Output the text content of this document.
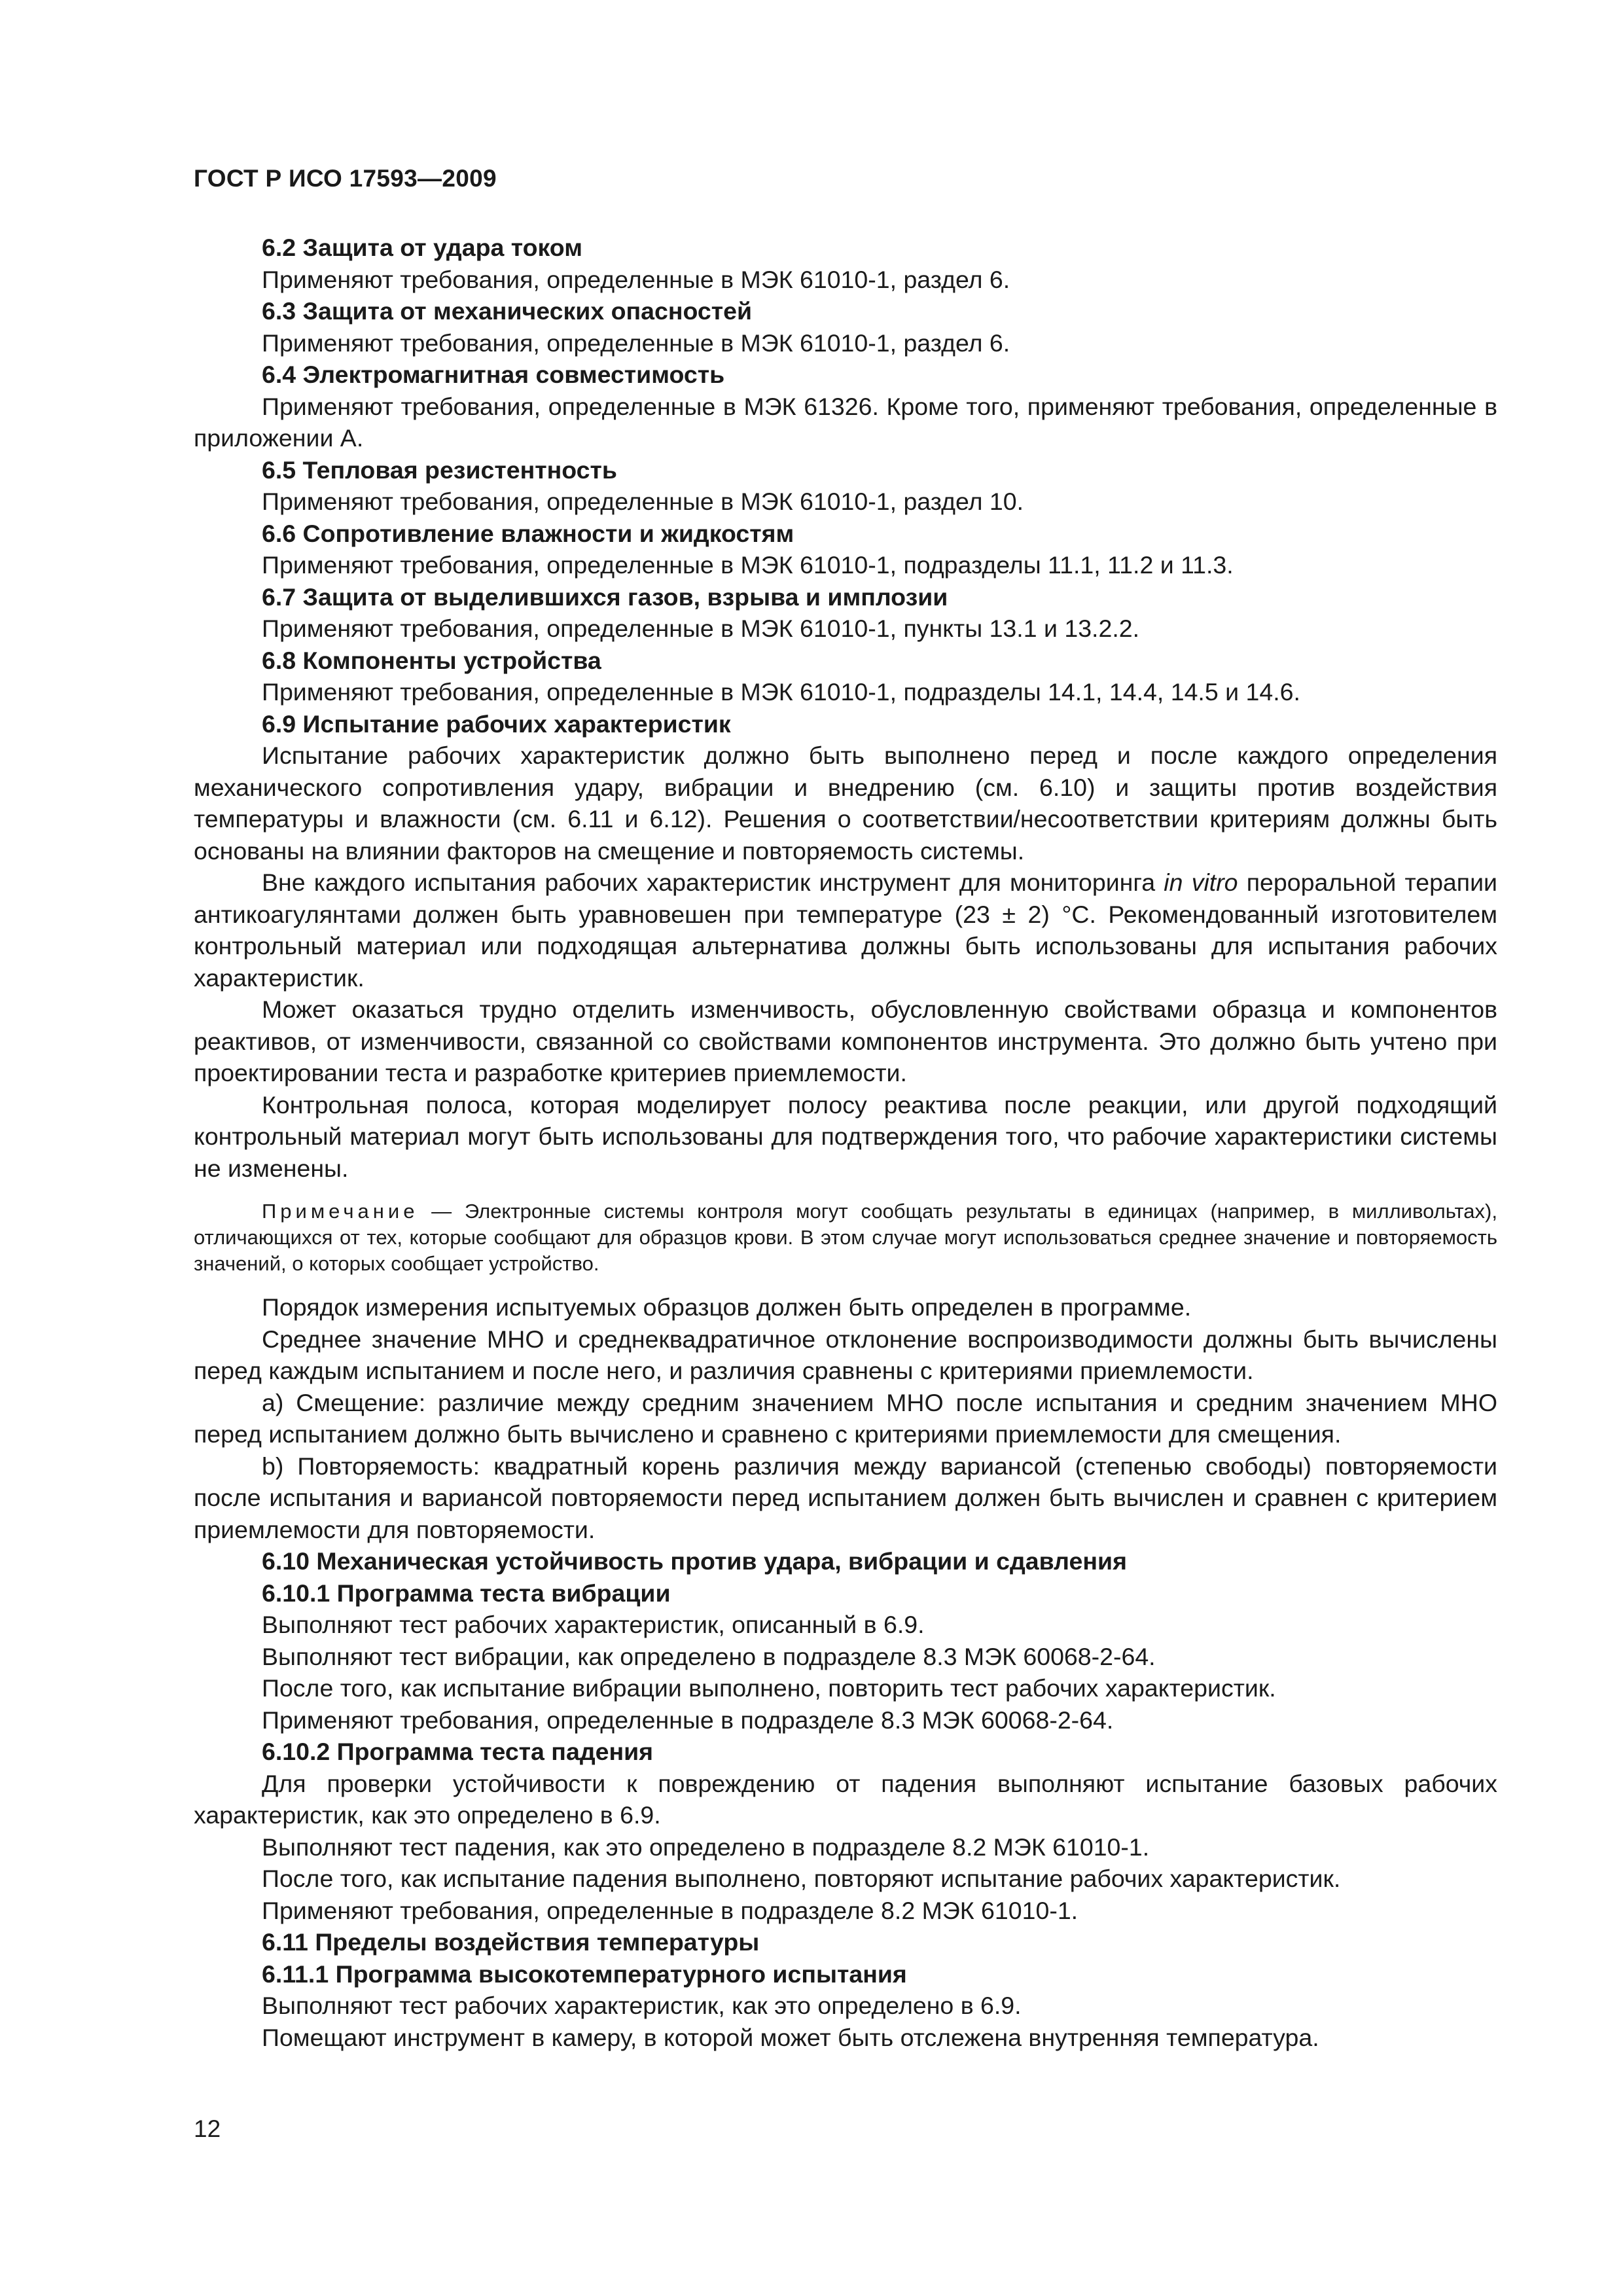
ГОСТ Р ИСО 17593—2009

6.2 Защита от удара током

Применяют требования, определенные в МЭК 61010-1, раздел 6.

6.3 Защита от механических опасностей

Применяют требования, определенные в МЭК 61010-1, раздел 6.

6.4 Электромагнитная совместимость

Применяют требования, определенные в МЭК 61326. Кроме того, применяют требования, определенные в приложении А.

6.5 Тепловая резистентность

Применяют требования, определенные в МЭК 61010-1, раздел 10.

6.6 Сопротивление влажности и жидкостям

Применяют требования, определенные в МЭК 61010-1, подразделы 11.1, 11.2 и 11.3.

6.7 Защита от выделившихся газов, взрыва и имплозии

Применяют требования, определенные в МЭК 61010-1, пункты 13.1 и 13.2.2.

6.8 Компоненты устройства

Применяют требования, определенные в МЭК 61010-1, подразделы 14.1, 14.4, 14.5 и 14.6.

6.9 Испытание рабочих характеристик

Испытание рабочих характеристик должно быть выполнено перед и после каждого определения механического сопротивления удару, вибрации и внедрению (см. 6.10) и защиты против воздействия температуры и влажности (см. 6.11 и 6.12). Решения о соответствии/несоответствии критериям должны быть основаны на влиянии факторов на смещение и повторяемость системы.

Вне каждого испытания рабочих характеристик инструмент для мониторинга in vitro пероральной терапии антикоагулянтами должен быть уравновешен при температуре (23 ± 2) °С. Рекомендованный изготовителем контрольный материал или подходящая альтернатива должны быть использованы для испытания рабочих характеристик.

Может оказаться трудно отделить изменчивость, обусловленную свойствами образца и компонентов реактивов, от изменчивости, связанной со свойствами компонентов инструмента. Это должно быть учтено при проектировании теста и разработке критериев приемлемости.

Контрольная полоса, которая моделирует полосу реактива после реакции, или другой подходящий контрольный материал могут быть использованы для подтверждения того, что рабочие характеристики системы не изменены.

Примечание — Электронные системы контроля могут сообщать результаты в единицах (например, в милливольтах), отличающихся от тех, которые сообщают для образцов крови. В этом случае могут использоваться среднее значение и повторяемость значений, о которых сообщает устройство.

Порядок измерения испытуемых образцов должен быть определен в программе.

Среднее значение МНО и среднеквадратичное отклонение воспроизводимости должны быть вычислены перед каждым испытанием и после него, и различия сравнены с критериями приемлемости.

a) Смещение: различие между средним значением МНО после испытания и средним значением МНО перед испытанием должно быть вычислено и сравнено с критериями приемлемости для смещения.

b) Повторяемость: квадратный корень различия между вариансой (степенью свободы) повторяемости после испытания и вариансой повторяемости перед испытанием должен быть вычислен и сравнен с критерием приемлемости для повторяемости.

6.10 Механическая устойчивость против удара, вибрации и сдавления

6.10.1 Программа теста вибрации

Выполняют тест рабочих характеристик, описанный в 6.9.

Выполняют тест вибрации, как определено в подразделе 8.3 МЭК 60068-2-64.

После того, как испытание вибрации выполнено, повторить тест рабочих характеристик.

Применяют требования, определенные в подразделе 8.3 МЭК 60068-2-64.

6.10.2 Программа теста падения

Для проверки устойчивости к повреждению от падения выполняют испытание базовых рабочих характеристик, как это определено в 6.9.

Выполняют тест падения, как это определено в подразделе 8.2 МЭК 61010-1.

После того, как испытание падения выполнено, повторяют испытание рабочих характеристик.

Применяют требования, определенные в подразделе 8.2 МЭК 61010-1.

6.11 Пределы воздействия температуры

6.11.1 Программа высокотемпературного испытания

Выполняют тест рабочих характеристик, как это определено в 6.9.

Помещают инструмент в камеру, в которой может быть отслежена внутренняя температура.

12
